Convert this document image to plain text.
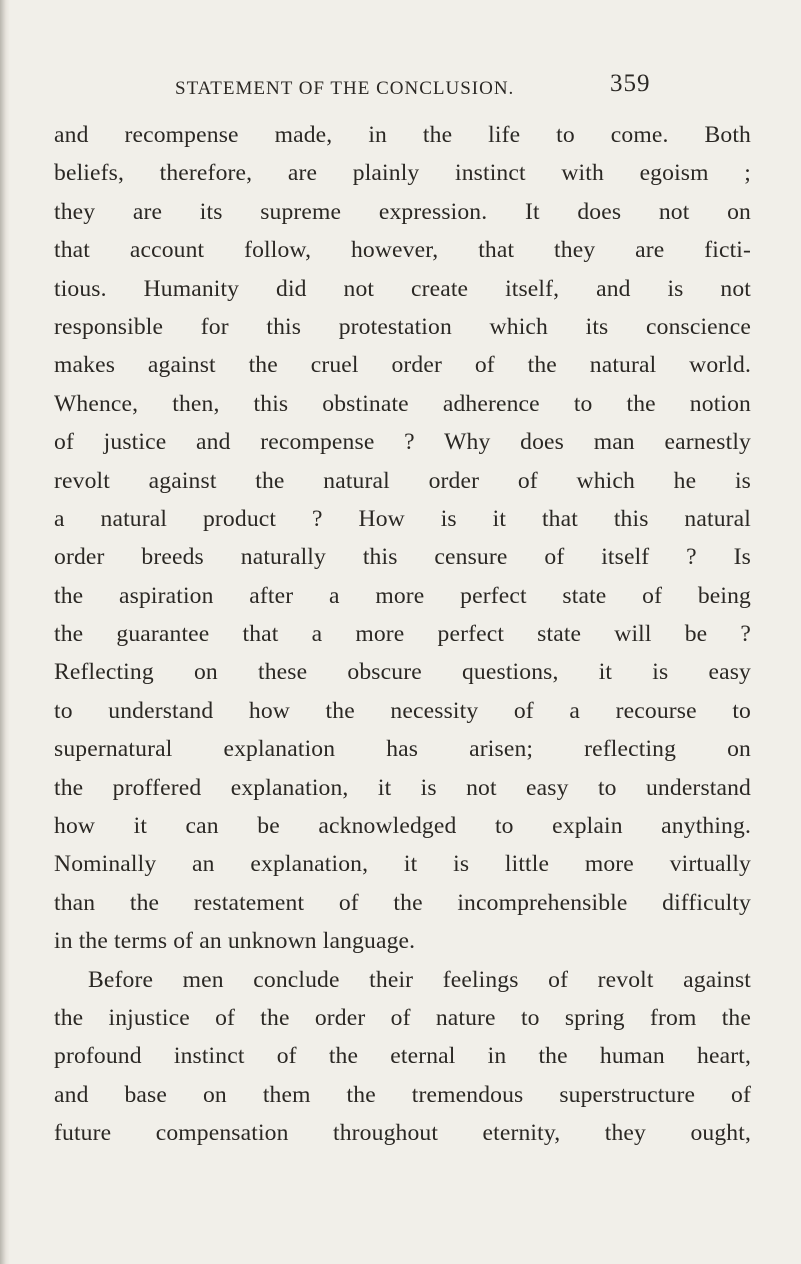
STATEMENT OF THE CONCLUSION.	359
and recompense made, in the life to come. Both
beliefs, therefore, are plainly instinct with egoism ;
they are its supreme expression. It does not on
that account follow, however, that they are ficti-
tious. Humanity did not create itself, and is not
responsible for this protestation which its conscience
makes against the cruel order of the natural world.
Whence, then, this obstinate adherence to the notion
of justice and recompense ? Why does man earnestly
revolt against the natural order of which he is
a natural product ? How is it that this natural
order breeds naturally this censure of itself ? Is
the aspiration after a more perfect state of being
the guarantee that a more perfect state will be ?
Reflecting on these obscure questions, it is easy
to understand how the necessity of a recourse to
supernatural explanation has arisen; reflecting on
the proffered explanation, it is not easy to understand
how it can be acknowledged to explain anything.
Nominally an explanation, it is little more virtually
than the restatement of the incomprehensible difficulty
in the terms of an unknown language.
Before men conclude their feelings of revolt against
the injustice of the order of nature to spring from the
profound instinct of the eternal in the human heart,
and base on them the tremendous superstructure of
future compensation throughout eternity, they ought,
